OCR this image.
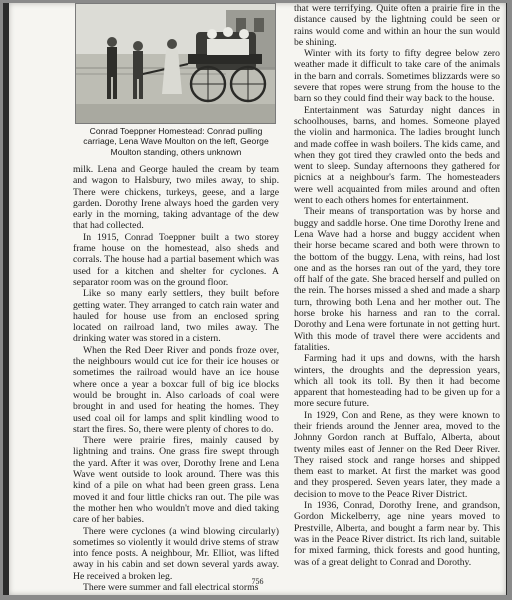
Conrad Toeppner Homestead: Conrad pulling carriage, Lena Wave Moulton on the left, George Moulton standing, others unknown

milk. Lena and George hauled the cream by team and wagon to Halsbury, two miles away, to ship. There were chickens, turkeys, geese, and a large garden. Dorothy Irene always hoed the garden very early in the morning, taking advantage of the dew that had collected.

In 1915, Conrad Toeppner built a two storey frame house on the homestead, also sheds and corrals. The house had a partial basement which was used for a kitchen and shelter for cyclones. A separator room was on the ground floor.

Like so many early settlers, they built before getting water. They arranged to catch rain water and hauled for house use from an enclosed spring located on railroad land, two miles away. The drinking water was stored in a cistern.

When the Red Deer River and ponds froze over, the neighbours would cut ice for their ice houses or sometimes the railroad would have an ice house where once a year a boxcar full of big ice blocks would be brought in. Also carloads of coal were brought in and used for heating the homes. They used coal oil for lamps and split kindling wood to start the fires. So, there were plenty of chores to do.

There were prairie fires, mainly caused by lightning and trains. One grass fire swept through the yard. After it was over, Dorothy Irene and Lena Wave went outside to look around. There was this kind of a pile on what had been green grass. Lena moved it and four little chicks ran out. The pile was the mother hen who wouldn't move and died taking care of her babies.

There were cyclones (a wind blowing circularly) sometimes so violently it would drive stems of straw into fence posts. A neighbour, Mr. Elliot, was lifted away in his cabin and set down several yards away. He received a broken leg.

There were summer and fall electrical storms

that were terrifying. Quite often a prairie fire in the distance caused by the lightning could be seen or rains would come and within an hour the sun would be shining.

Winter with its forty to fifty degree below zero weather made it difficult to take care of the animals in the barn and corrals. Sometimes blizzards were so severe that ropes were strung from the house to the barn so they could find their way back to the house.

Entertainment was Saturday night dances in schoolhouses, barns, and homes. Someone played the violin and harmonica. The ladies brought lunch and made coffee in wash boilers. The kids came, and when they got tired they crawled onto the beds and went to sleep. Sunday afternoons they gathered for picnics at a neighbour's farm. The homesteaders were well acquainted from miles around and often went to each others homes for entertainment.

Their means of transportation was by horse and buggy and saddle horse. One time Dorothy Irene and Lena Wave had a horse and buggy accident when their horse became scared and both were thrown to the bottom of the buggy. Lena, with reins, had lost one and as the horses ran out of the yard, they tore off half of the gate. She braced herself and pulled on the rein. The horses missed a shed and made a sharp turn, throwing both Lena and her mother out. The horse broke his harness and ran to the corral. Dorothy and Lena were fortunate in not getting hurt. With this mode of travel there were accidents and fatalities.

Farming had it ups and downs, with the harsh winters, the droughts and the depression years, which all took its toll. By then it had become apparent that homesteading had to be given up for a more secure future.

In 1929, Con and Rene, as they were known to their friends around the Jenner area, moved to the Johnny Gordon ranch at Buffalo, Alberta, about twenty miles east of Jenner on the Red Deer River. They raised stock and range horses and shipped them east to market. At first the market was good and they prospered. Seven years later, they made a decision to move to the Peace River District.

In 1936, Conrad, Dorothy Irene, and grandson, Gordon Mickelberry, age nine years moved to Prestville, Alberta, and bought a farm near by. This was in the Peace River district. Its rich land, suitable for mixed farming, thick forests and good hunting, was of a great delight to Conrad and Dorothy.

756
